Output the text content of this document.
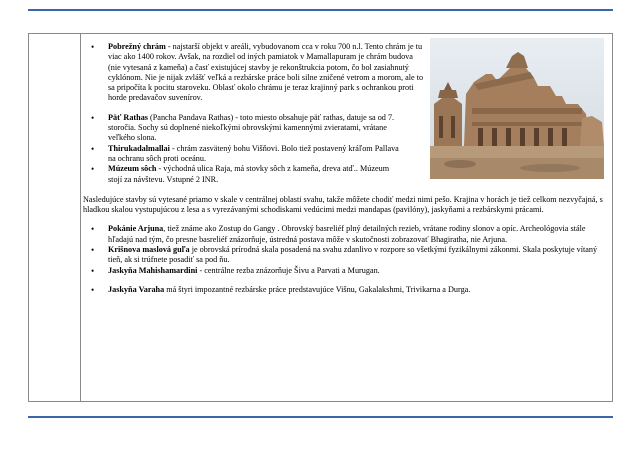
• Pobrežný chrám - najstarší objekt v areáli, vybudovanom cca v roku 700 n.l. Tento chrám je tu viac ako 1400 rokov. Avšak, na rozdiel od iných pamiatok v Mamallapuram je chrám budova (nie vytesaná z kameňa) a časť existujúcej stavby je rekonštrukcia potom, čo bol zasiahnutý cyklónom. Nie je nijak zvlášť veľká a rezbárske práce boli silne zničené vetrom a morom, ale to sa pripočíta k pocitu staroveku. Oblasť okolo chrámu je teraz krajinný park s ochrankou proti horde predavačov suvenírov.
• Päť Rathas (Pancha Pandava Rathas) - toto miesto obsahuje päť rathas, datuje sa od 7. storočia. Sochy sú doplnené niekoľkými obrovskými kamennými zvieratami, vrátane veľkého slona.
• Thirukadalmallai - chrám zasvätený bohu Višňovi. Bolo tiež postavený kráľom Pallava na ochranu sôch proti oceánu.
• Múzeum sôch - východná ulica Raja, má stovky sôch z kameňa, dreva atď.. Múzeum stojí za návštevu. Vstupné 2 INR.

Nasledujúce stavby sú vytesané priamo v skale v centrálnej oblasti svahu, takže môžete chodiť medzi nimi pešo. Krajina v horách je tiež celkom nezvyčajná, s hladkou skalou vystupujúcou z lesa a s vyrezávanými schodiskami vedúcimi medzi mandapas (pavilóny), jaskyňami a rezbárskymi prácami.

• Pokánie Arjuna, tiež známe ako Zostup do Gangy . Obrovský basreliéf plný detailných rezieb, vrátane rodiny slonov a opíc. Archeológovia stále hľadajú nad tým, čo presne basreliéf znázorňuje, ústredná postava môže v skutočnosti zobrazovať Bhagiratha, nie Arjuna.
• Krišnova maslová guľa je obrovská prírodná skala posadená na svahu zdanlivo v rozpore so všetkými fyzikálnymi zákonmi. Skala poskytuje vítaný tieň, ak si trúfnete posadiť sa pod ňu.
• Jaskyňa Mahishamardini - centrálne rezba znázorňuje Šivu a Parvati a Murugan.
• Jaskyňa Varaha má štyri impozantné rezbárske práce predstavujúce Višnu, Gakalakshmi, Trivikarna a Durga.
